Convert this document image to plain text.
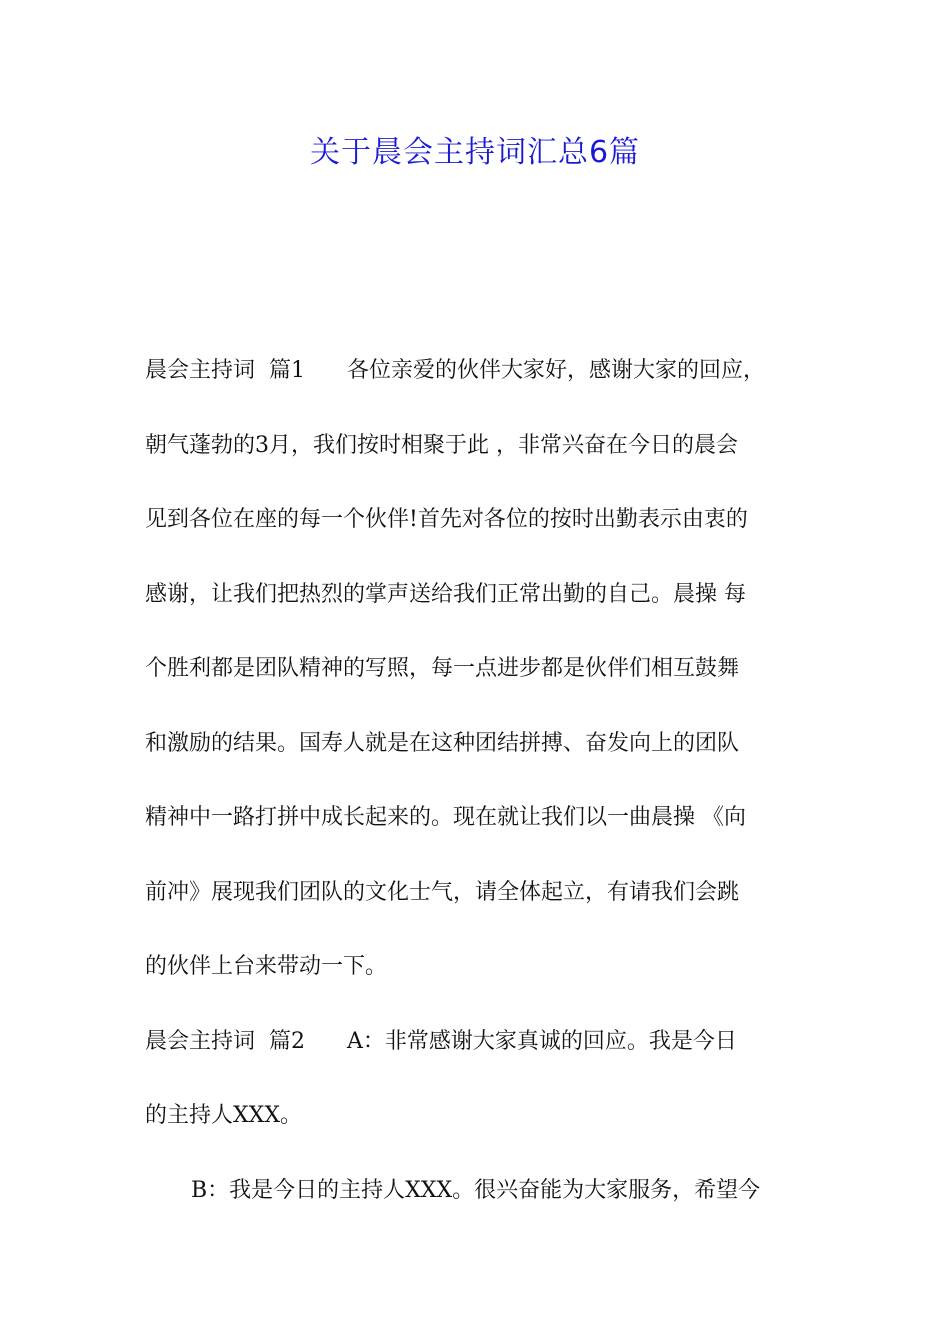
关于晨会主持词汇总6篇
晨会主持词  篇1      各位亲爱的伙伴大家好，感谢大家的回应，
朝气蓬勃的3月，我们按时相聚于此 ，非常兴奋在今日的晨会
见到各位在座的每一个伙伴!首先对各位的按时出勤表示由衷的
感谢，让我们把热烈的掌声送给我们正常出勤的自己。晨操 每
个胜利都是团队精神的写照，每一点进步都是伙伴们相互鼓舞
和激励的结果。国寿人就是在这种团结拼搏、奋发向上的团队
精神中一路打拼中成长起来的。现在就让我们以一曲晨操 《向
前冲》展现我们团队的文化士气，请全体起立，有请我们会跳
的伙伴上台来带动一下。
晨会主持词  篇2      A：非常感谢大家真诚的回应。我是今日
的主持人XXX。
B：我是今日的主持人XXX。很兴奋能为大家服务，希望今
